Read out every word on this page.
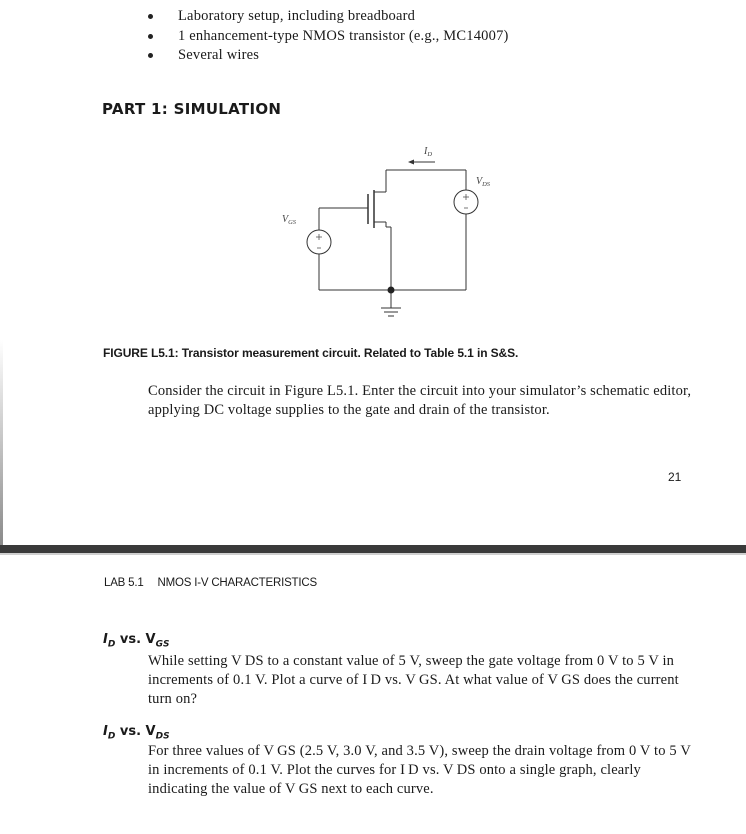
Laboratory setup, including breadboard
1 enhancement-type NMOS transistor (e.g., MC14007)
Several wires
PART 1: SIMULATION
$I_D$
$V_{DS}$
$V_{GS}$
FIGURE L5.1: Transistor measurement circuit. Related to Table 5.1 in S&S.
Consider the circuit in Figure L5.1. Enter the circuit into your simulator’s schematic editor, applying DC voltage supplies to the gate and drain of the transistor.
21
LAB 5.1 NMOS I-V CHARACTERISTICS
$I_D$ vs. $V_{GS}$
While setting V DS to a constant value of 5 V, sweep the gate voltage from 0 V to 5 V in increments of 0.1 V. Plot a curve of I D vs. V GS. At what value of V GS does the current turn on?
$I_D$ vs. $V_{DS}$
For three values of V GS (2.5 V, 3.0 V, and 3.5 V), sweep the drain voltage from 0 V to 5 V in increments of 0.1 V. Plot the curves for I D vs. V DS onto a single graph, clearly indicating the value of V GS next to each curve.
